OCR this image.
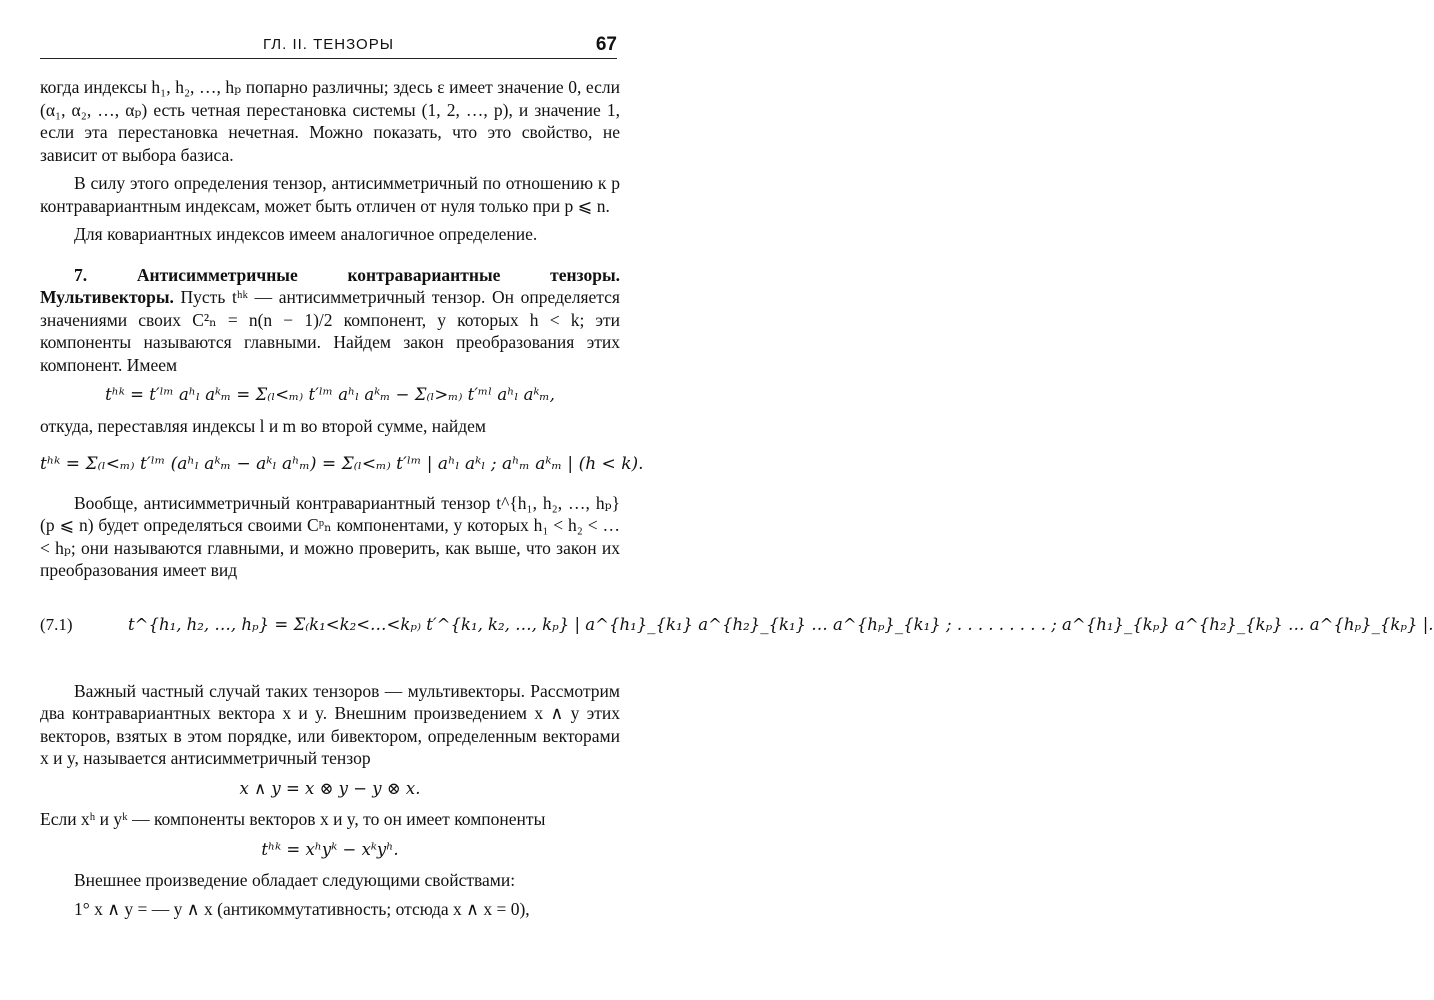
ГЛ. II. ТЕНЗОРЫ	67

когда индексы h₁, h₂, …, hₚ попарно различны; здесь ε имеет значение 0, если (α₁, α₂, …, αₚ) есть четная перестановка системы (1, 2, …, p), и значение 1, если эта перестановка нечетная. Можно показать, что это свойство, не зависит от выбора базиса.

В силу этого определения тензор, антисимметричный по отношению к p контравариантным индексам, может быть отличен от нуля только при p ⩽ n.

Для ковариантных индексов имеем аналогичное определение.

7. Антисимметричные контравариантные тензоры. Мультивекторы. Пусть tʰᵏ — антисимметричный тензор. Он определяется значениями своих C²ₙ = n(n − 1)/2 компонент, у которых h < k; эти компоненты называются главными. Найдем закон преобразования этих компонент. Имеем

tʰᵏ = t′ˡᵐ aʰₗ aᵏₘ = Σ₍ₗ<ₘ₎ t′ˡᵐ aʰₗ aᵏₘ − Σ₍ₗ>ₘ₎ t′ᵐˡ aʰₗ aᵏₘ,

откуда, переставляя индексы l и m во второй сумме, найдем

tʰᵏ = Σ₍ₗ<ₘ₎ t′ˡᵐ (aʰₗ aᵏₘ − aᵏₗ aʰₘ) = Σ₍ₗ<ₘ₎ t′ˡᵐ | aʰₗ aᵏₗ ; aʰₘ aᵏₘ | (h < k).

Вообще, антисимметричный контравариантный тензор t^{h₁, h₂, …, hₚ} (p ⩽ n) будет определяться своими Cᵖₙ компонентами, у которых h₁ < h₂ < … < hₚ; они называются главными, и можно проверить, как выше, что закон их преобразования имеет вид

(7.1)	t^{h₁, h₂, …, hₚ} = Σ₍k₁<k₂<…<kₚ₎ t′^{k₁, k₂, …, kₚ} | a^{h₁}_{k₁} a^{h₂}_{k₁} … a^{hₚ}_{k₁} ; . . . . . . . . . ; a^{h₁}_{kₚ} a^{h₂}_{kₚ} … a^{hₚ}_{kₚ} |.

Важный частный случай таких тензоров — мультивекторы. Рассмотрим два контравариантных вектора x и y. Внешним произведением x ∧ y этих векторов, взятых в этом порядке, или бивектором, определенным векторами x и y, называется антисимметричный тензор

x ∧ y = x ⊗ y − y ⊗ x.

Если xʰ и yᵏ — компоненты векторов x и y, то он имеет компоненты

tʰᵏ = xʰyᵏ − xᵏyʰ.

Внешнее произведение обладает следующими свойствами:

1° x ∧ y = — y ∧ x (антикоммутативность; отсюда x ∧ x = 0),
